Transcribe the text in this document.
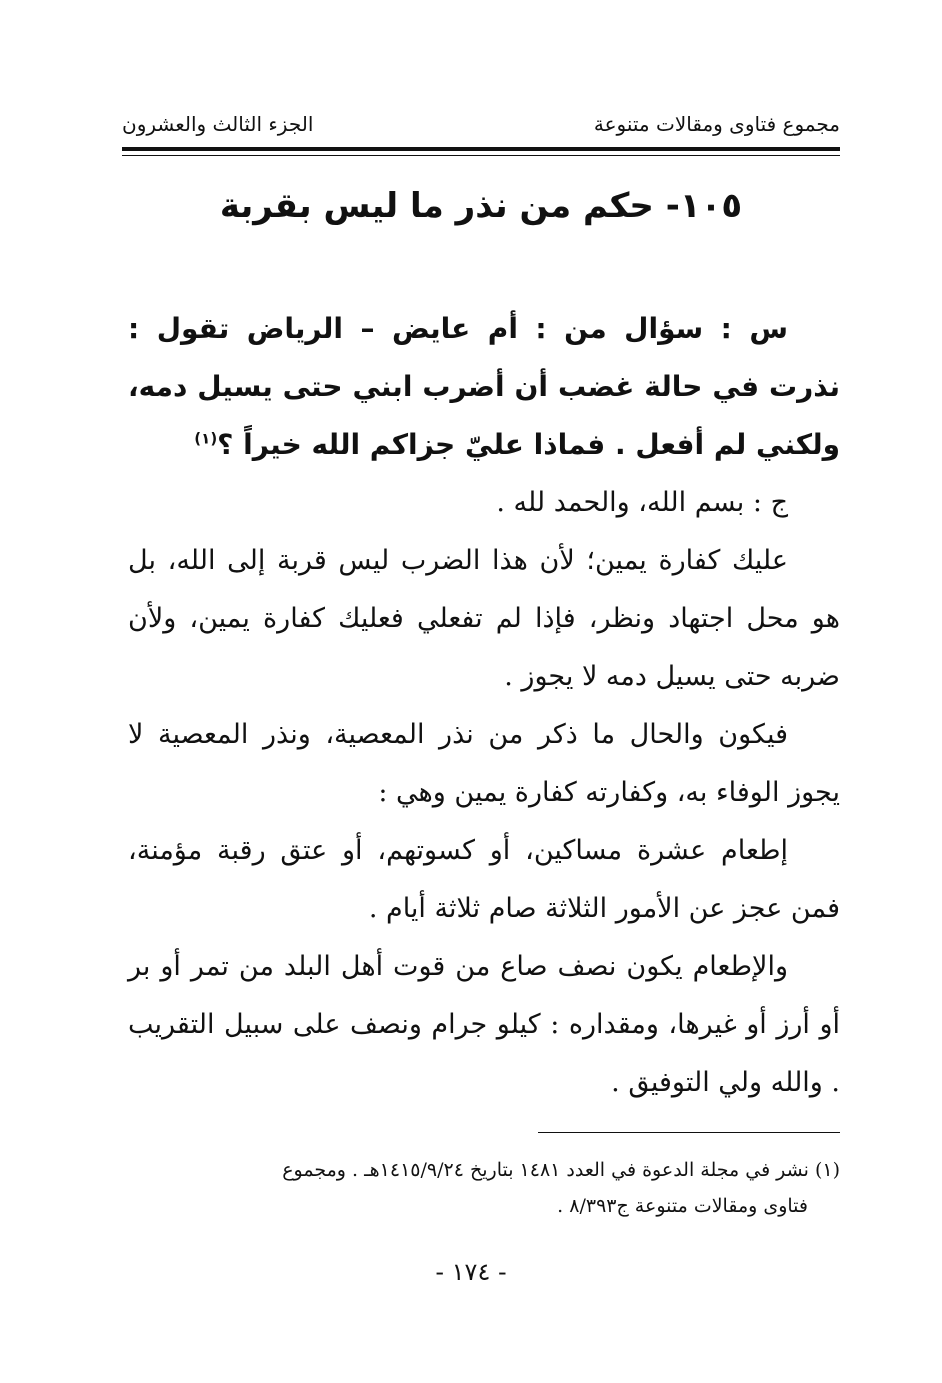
مجموع فتاوى ومقالات متنوعة
الجزء الثالث والعشرون
١٠٥- حكم من نذر ما ليس بقربة

س : سؤال من : أم عايض – الرياض تقول : نذرت في حالة غضب أن أضرب ابني حتى يسيل دمه، ولكني لم أفعل . فماذا عليّ جزاكم الله خيراً ؟$^{(١)}$

ج : بسم الله، والحمد لله .

عليك كفارة يمين؛ لأن هذا الضرب ليس قربة إلى الله، بل هو محل اجتهاد ونظر، فإذا لم تفعلي فعليك كفارة يمين، ولأن ضربه حتى يسيل دمه لا يجوز .

فيكون والحال ما ذكر من نذر المعصية، ونذر المعصية لا يجوز الوفاء به، وكفارته كفارة يمين وهي :

إطعام عشرة مساكين، أو كسوتهم، أو عتق رقبة مؤمنة، فمن عجز عن الأمور الثلاثة صام ثلاثة أيام .

والإطعام يكون نصف صاع من قوت أهل البلد من تمر أو بر أو أرز أو غيرها، ومقداره : كيلو جرام ونصف على سبيل التقريب . والله ولي التوفيق .

(١) نشر في مجلة الدعوة في العدد ١٤٨١ بتاريخ ١٤١٥/٩/٢٤هـ . ومجموع
فتاوى ومقالات متنوعة ج٨/٣٩٣ .
- ١٧٤ -
